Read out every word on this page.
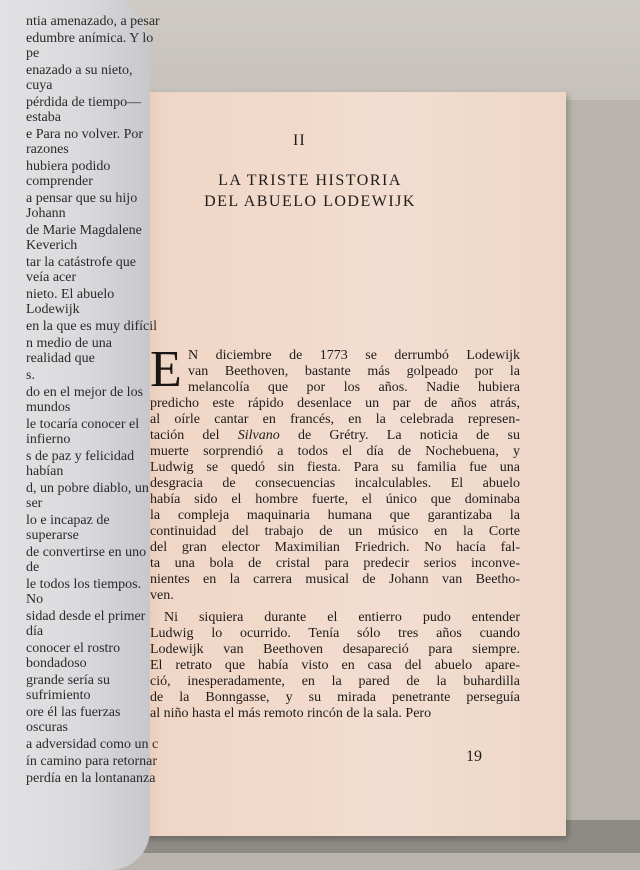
ntia amenazado, a pesar
edumbre anímica. Y lo pe
enazado a su nieto, cuya
pérdida de tiempo— estaba
e Para no volver. Por razones
hubiera podido comprender
a pensar que su hijo Johann
de Marie Magdalene Keverich
tar la catástrofe que veía acer
nieto. El abuelo Lodewijk
en la que es muy difícil
n medio de una realidad que
s.
do en el mejor de los mundos
le tocaría conocer el infierno
s de paz y felicidad habían
d, un pobre diablo, un ser
lo e incapaz de superarse
de convertirse en uno de
le todos los tiempos. No
sidad desde el primer día
conocer el rostro bondadoso
grande sería su sufrimiento
ore él las fuerzas oscuras
a adversidad como un c
ín camino para retornar
perdía en la lontananza
II
LA TRISTE HISTORIA
DEL ABUELO LODEWIJK
E N diciembre de 1773 se derrumbó Lodewijk
van Beethoven, bastante más golpeado por la
melancolía que por los años. Nadie hubiera
predicho este rápido desenlace un par de años atrás,
al oírle cantar en francés, en la celebrada represen-
tación del Silvano de Grétry. La noticia de su
muerte sorprendió a todos el día de Nochebuena, y
Ludwig se quedó sin fiesta. Para su familia fue una
desgracia de consecuencias incalculables. El abuelo
había sido el hombre fuerte, el único que dominaba
la compleja maquinaria humana que garantizaba la
continuidad del trabajo de un músico en la Corte
del gran elector Maximilian Friedrich. No hacía fal-
ta una bola de cristal para predecir serios inconve-
nientes en la carrera musical de Johann van Beetho-
ven.
Ni siquiera durante el entierro pudo entender
Ludwig lo ocurrido. Tenía sólo tres años cuando
Lodewijk van Beethoven desapareció para siempre.
El retrato que había visto en casa del abuelo apare-
ció, inesperadamente, en la pared de la buhardilla
de la Bonngasse, y su mirada penetrante perseguía
al niño hasta el más remoto rincón de la sala. Pero
19
